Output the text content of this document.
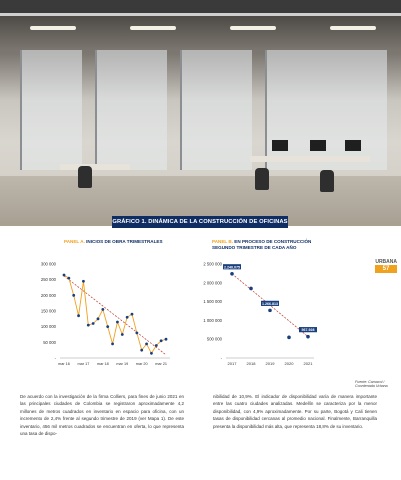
GRÁFICO 1. DINÁMICA DE LA CONSTRUCCIÓN DE OFICINAS
PANEL A. INICIOS DE OBRA TRIMESTRALES	PANEL B. EN PROCESO DE CONSTRUCCIÓN SEGUNDO TRIMESTRE DE CADA AÑO
300 000
250 000
200 000
150 000
100 000
50 000
-
mar 16 mar 17 mar 18 mar 19 mar 20 mar 21
2 500 000
2 000 000
1 500 000
1 000 000
500 000
-
2017	2018	2019	2020	2021
2.240.075
1.266.813
567.928
URBANA
57
Fuente: Camacol / Coordenada Urbana
De acuerdo con la investigación de la firma Colliers, para fines de junio 2021 en las principales ciudades de Colombia se registraron aproximadamente 4,2 millones de metros cuadrados en inventario en espacio para oficina, con un incremento de 2,4% frente al segundo trimestre de 2019 (ver Mapa 1). De este inventario, 456 mil metros cuadrados se encuentran en oferta, lo que representa una tasa de dispo-
nibilidad de 10,9%. El indicador de disponibilidad varía de manera importante entre las cuatro ciudades analizadas. Medellín se caracteriza por la menor disponibilidad, con 4,9% aproximadamente. Por su parte, Bogotá y Cali tienen tasas de disponibilidad cercanas al promedio nacional. Finalmente, Barranquilla presenta la disponibilidad más alta, que representa 18,8% de su inventario.
